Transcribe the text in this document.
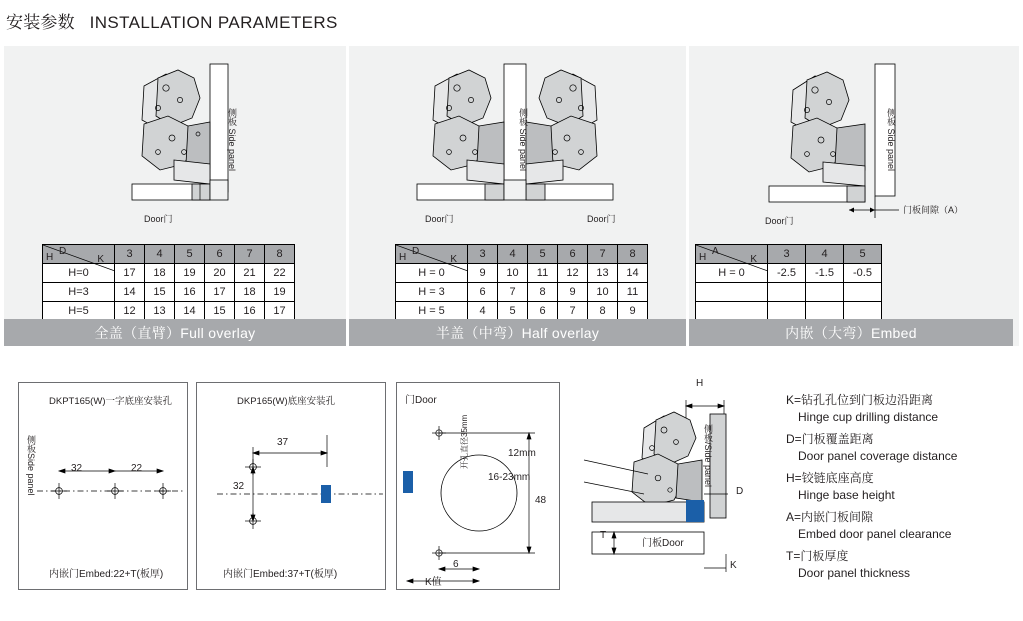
安装参数 INSTALLATION PARAMETERS
侧板 Side panel
Door门
D
K
H	3	4	5	6	7	8
H=0	17	18	19	20	21	22
H=3	14	15	16	17	18	19
H=5	12	13	14	15	16	17
全盖（直臂）Full overlay
侧板 Side panel
Door门	Door门
D
K
H	3	4	5	6	7	8
H = 0	9	10	11	12	13	14
H = 3	6	7	8	9	10	11
H = 5	4	5	6	7	8	9
半盖（中弯）Half overlay
侧板 Side panel
Door门
门板间隙（A）
A
K
H	3	4	5
H = 0	-2.5	-1.5	-0.5

内嵌（大弯）Embed
DKPT165(W)一字底座安装孔
侧板Side panel	32	22
内嵌门Embed:22+T(板厚)
DKP165(W)底座安装孔
37
32
内嵌门Embed:37+T(板厚)
门Door
开孔直径35mm
48
6
K值
H
D
K
T
侧板/Side panel
门板Door
12mm
16-23mm
K=钻孔孔位到门板边沿距离
Hinge cup drilling distance
D=门板覆盖距离
Door panel coverage distance
H=铰链底座高度
Hinge base height
A=内嵌门板间隙
Embed door panel clearance
T=门板厚度
Door panel thickness
